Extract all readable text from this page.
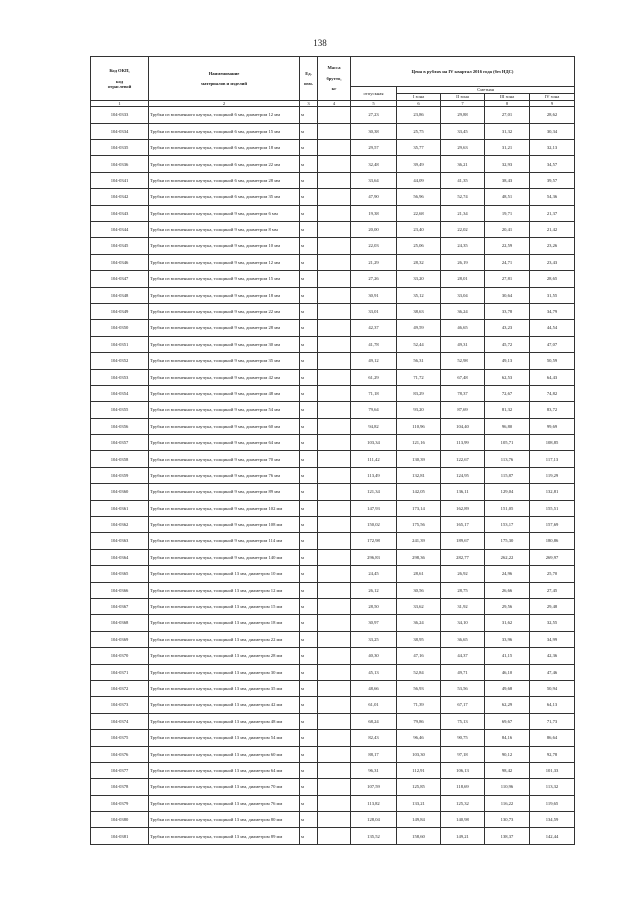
138
Код ОКП,

код
отраслевой	Наименование

материалов и изделий	Ед.

изм.	Масса

брутто,

кг	Цена в рублях на IV квартал 2016 года (без НДС)				
				отпускная	Сметная			
					I зона	II зона	III зона	IV зона
1	2	3	4	5	6	7	8	9
104-0333	Трубки из вспененного каучука, толщиной 6 мм, диаметром 12 мм	м		27,23	23,86	29,88	27,01	28,62
104-0334	Трубки из вспененного каучука, толщиной 6 мм, диаметром 15 мм	м		30,38	25,75	33,45	31,32	30,34
104-0335	Трубки из вспененного каучука, толщиной 6 мм, диаметром 18 мм	м		29,57	35,77	29,63	31,21	32,13
104-0336	Трубки из вспененного каучука, толщиной 6 мм, диаметром 22 мм	м		32,48	39,49	36,21	32,93	34,57
104-0341	Трубки из вспененного каучука, толщиной 6 мм, диаметром 28 мм	м		33,64	44,09	41,35	38,43	39,57
104-0342	Трубки из вспененного каучука, толщиной 6 мм, диаметром 35 мм	м		47,90	56,96	52,74	48,51	54,36
104-0343	Трубки из вспененного каучука, толщиной 9 мм, диаметром 6 мм	м		19,38	22,68	21,34	19,71	21,37
104-0344	Трубки из вспененного каучука, толщиной 9 мм, диаметром 8 мм	м		20,00	23,40	22,02	20,41	21,42
104-0345	Трубки из вспененного каучука, толщиной 9 мм, диаметром 10 мм	м		22,03	25,06	24,35	22,59	23,26
104-0346	Трубки из вспененного каучука, толщиной 9 мм, диаметром 12 мм	м		21,29	28,32	26,19	24,71	23,43
104-0347	Трубки из вспененного каучука, толщиной 9 мм, диаметром 15 мм	м		27,26	33,20	28,01	27,81	28,65
104-0348	Трубки из вспененного каучука, толщиной 9 мм, диаметром 18 мм	м		30,91	35,12	33,04	30,64	31,55
104-0349	Трубки из вспененного каучука, толщиной 9 мм, диаметром 22 мм	м		33,01	38,63	36,24	33,78	34,79
104-0350	Трубки из вспененного каучука, толщиной 9 мм, диаметром 28 мм	м		42,37	49,59	46,65	43,23	44,54
104-0351	Трубки из вспененного каучука, толщиной 9 мм, диаметром 30 мм	м		41,78	52,44	49,31	45,72	47,07
104-0352	Трубки из вспененного каучука, толщиной 9 мм, диаметром 35 мм	м		49,12	56,31	52,98	49,13	50,59
104-0353	Трубки из вспененного каучука, толщиной 9 мм, диаметром 42 мм	м		61,29	71,72	67,48	62,53	64,43
104-0354	Трубки из вспененного каучука, толщиной 9 мм, диаметром 48 мм	м		71,18	83,29	78,37	72,67	74,82
104-0355	Трубки из вспененного каучука, толщиной 9 мм, диаметром 54 мм	м		79,64	93,20	87,69	81,32	83,72
104-0356	Трубки из вспененного каучука, толщиной 9 мм, диаметром 60 мм	м		94,82	110,96	104,40	96,80	99,69
104-0357	Трубки из вспененного каучука, толщиной 9 мм, диаметром 64 мм	м		103,34	121,16	113,99	105,71	108,85
104-0358	Трубки из вспененного каучука, толщиной 9 мм, диаметром 70 мм	м		111,42	130,39	122,67	113,76	117,13
104-0359	Трубки из вспененного каучука, толщиной 9 мм, диаметром 76 мм	м		113,49	132,81	124,95	115,87	119,29
104-0360	Трубки из вспененного каучука, толщиной 9 мм, диаметром 89 мм	м		121,34	142,05	136,11	129,04	132,81
104-0361	Трубки из вспененного каучука, толщиной 9 мм, диаметром 102 мм	м		147,93	173,14	162,89	151,05	155,51
104-0362	Трубки из вспененного каучука, толщиной 9 мм, диаметром 108 мм	м		150,02	175,56	165,17	153,17	157,69
104-0363	Трубки из вспененного каучука, толщиной 9 мм, диаметром 114 мм	м		172,98	241,39	189,67	175,30	180,86
104-0364	Трубки из вспененного каучука, толщиной 9 мм, диаметром 140 мм	м		296,83	298,36	282,77	262,22	269,97
104-0365	Трубки из вспененного каучука, толщиной 13 мм, диаметром 10 мм	м		24,45	28,61	26,92	24,96	25,70
104-0366	Трубки из вспененного каучука, толщиной 13 мм, диаметром 12 мм	м		26,12	30,56	28,75	26,66	27,45
104-0367	Трубки из вспененного каучука, толщиной 13 мм, диаметром 15 мм	м		28,50	33,62	31,92	29,56	29,48
104-0368	Трубки из вспененного каучука, толщиной 13 мм, диаметром 18 мм	м		30,97	36,24	34,10	31,62	32,55
104-0369	Трубки из вспененного каучука, толщиной 13 мм, диаметром 22 мм	м		33,25	38,95	36,65	33,96	34,99
104-0370	Трубки из вспененного каучука, толщиной 13 мм, диаметром 28 мм	м		40,30	47,16	44,37	41,15	42,36
104-0371	Трубки из вспененного каучука, толщиной 13 мм, диаметром 30 мм	м		45,13	52,84	49,71	46,10	47,46
104-0372	Трубки из вспененного каучука, толщиной 13 мм, диаметром 35 мм	м		48,66	56,93	53,56	49,68	50,94
104-0373	Трубки из вспененного каучука, толщиной 13 мм, диаметром 42 мм	м		61,01	71,39	67,17	62,29	64,13
104-0374	Трубки из вспененного каучука, толщиной 13 мм, диаметром 48 мм	м		68,24	79,86	75,13	69,67	71,73
104-0375	Трубки из вспененного каучука, толщиной 13 мм, диаметром 54 мм	м		82,43	96,46	90,75	84,16	86,64
104-0376	Трубки из вспененного каучука, толщиной 13 мм, диаметром 60 мм	м		88,17	103,30	97,18	90,12	92,78
104-0377	Трубки из вспененного каучука, толщиной 13 мм, диаметром 64 мм	м		96,31	112,91	106,13	98,42	101,33
104-0378	Трубки из вспененного каучука, толщиной 13 мм, диаметром 70 мм	м		107,59	125,85	118,69	110,96	113,32
104-0379	Трубки из вспененного каучука, толщиной 13 мм, диаметром 76 мм	м		113,82	133,21	125,32	116,22	119,65
104-0380	Трубки из вспененного каучука, толщиной 13 мм, диаметром 80 мм	м		128,04	149,84	140,98	130,73	134,59
104-0381	Трубки из вспененного каучука, толщиной 13 мм, диаметром 89 мм	м		135,52	158,60	149,21	138,37	142,44
